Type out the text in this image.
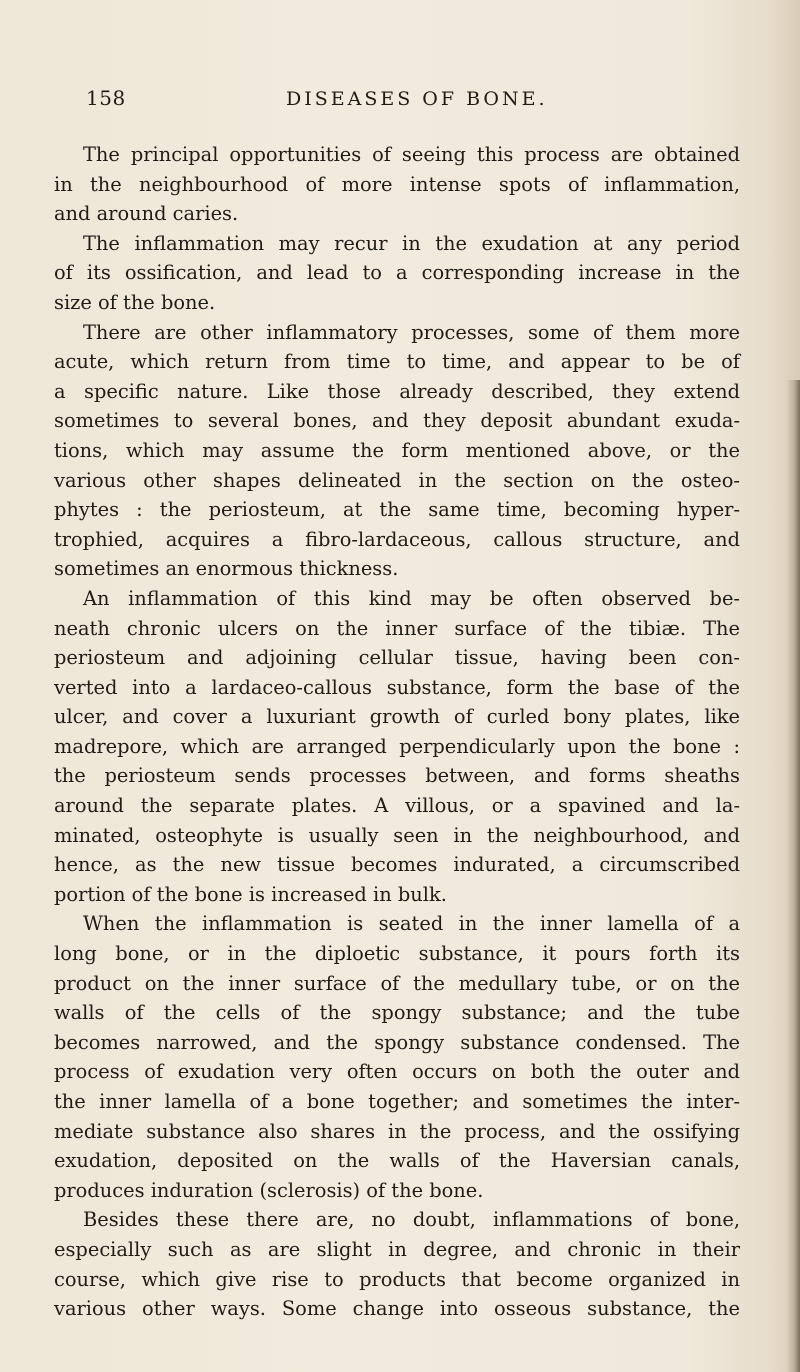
158	DISEASES OF BONE.
The principal opportunities of seeing this process are obtained
in the neighbourhood of more intense spots of inflammation,
and around caries.
The inflammation may recur in the exudation at any period
of its ossification, and lead to a corresponding increase in the
size of the bone.
There are other inflammatory processes, some of them more
acute, which return from time to time, and appear to be of
a specific nature. Like those already described, they extend
sometimes to several bones, and they deposit abundant exuda-
tions, which may assume the form mentioned above, or the
various other shapes delineated in the section on the osteo-
phytes : the periosteum, at the same time, becoming hyper-
trophied, acquires a fibro-lardaceous, callous structure, and
sometimes an enormous thickness.
An inflammation of this kind may be often observed be-
neath chronic ulcers on the inner surface of the tibiæ. The
periosteum and adjoining cellular tissue, having been con-
verted into a lardaceo-callous substance, form the base of the
ulcer, and cover a luxuriant growth of curled bony plates, like
madrepore, which are arranged perpendicularly upon the bone :
the periosteum sends processes between, and forms sheaths
around the separate plates. A villous, or a spavined and la-
minated, osteophyte is usually seen in the neighbourhood, and
hence, as the new tissue becomes indurated, a circumscribed
portion of the bone is increased in bulk.
When the inflammation is seated in the inner lamella of a
long bone, or in the diploetic substance, it pours forth its
product on the inner surface of the medullary tube, or on the
walls of the cells of the spongy substance; and the tube
becomes narrowed, and the spongy substance condensed. The
process of exudation very often occurs on both the outer and
the inner lamella of a bone together; and sometimes the inter-
mediate substance also shares in the process, and the ossifying
exudation, deposited on the walls of the Haversian canals,
produces induration (sclerosis) of the bone.
Besides these there are, no doubt, inflammations of bone,
especially such as are slight in degree, and chronic in their
course, which give rise to products that become organized in
various other ways. Some change into osseous substance, the
